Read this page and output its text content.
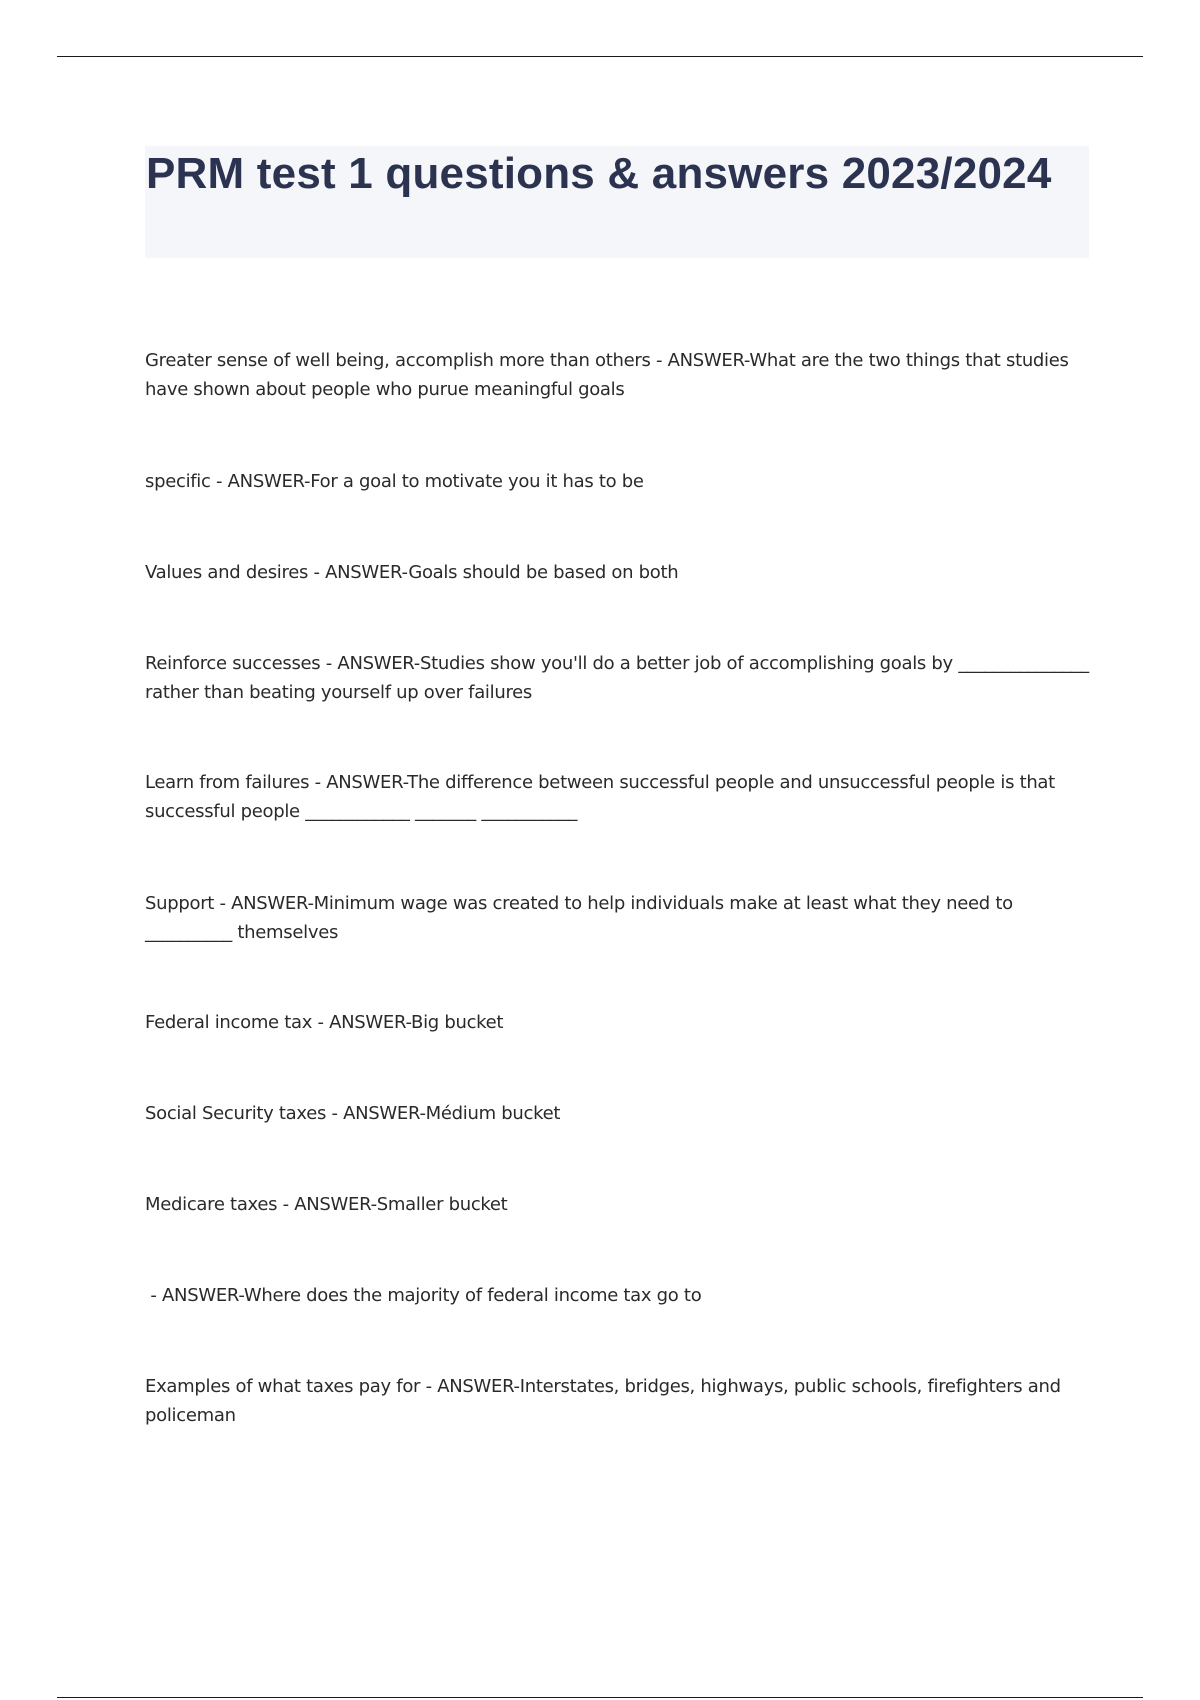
PRM test 1 questions & answers 2023/2024
Greater sense of well being, accomplish more than others - ANSWER-What are the two things that studies have shown about people who purue meaningful goals
specific - ANSWER-For a goal to motivate you it has to be
Values and desires - ANSWER-Goals should be based on both
Reinforce successes - ANSWER-Studies show you'll do a better job of accomplishing goals by _______________ rather than beating yourself up over failures
Learn from failures - ANSWER-The difference between successful people and unsuccessful people is that successful people ____________ _______ ___________
Support - ANSWER-Minimum wage was created to help individuals make at least what they need to __________ themselves
Federal income tax - ANSWER-Big bucket
Social Security taxes - ANSWER-Médium bucket
Medicare taxes - ANSWER-Smaller bucket
- ANSWER-Where does the majority of federal income tax go to
Examples of what taxes pay for - ANSWER-Interstates, bridges, highways, public schools, firefighters and policeman
